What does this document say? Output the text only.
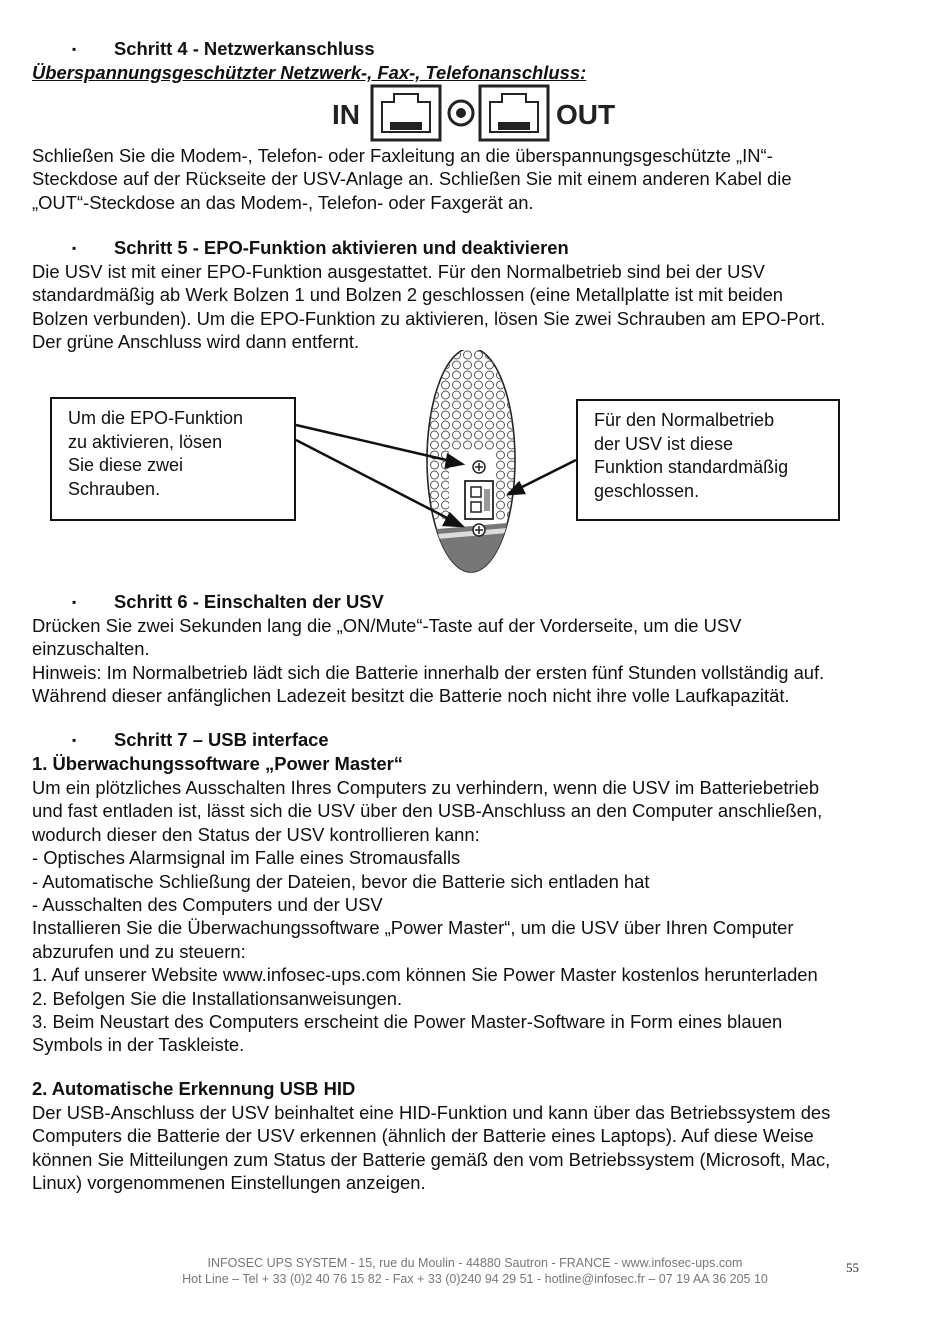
▪ Schritt 4 - Netzwerkanschluss
Überspannungsgeschützter Netzwerk-, Fax-, Telefonanschluss:
IN	OUT
Schließen Sie die Modem-, Telefon- oder Faxleitung an die überspannungsgeschützte „IN“-
Steckdose auf der Rückseite der USV-Anlage an. Schließen Sie mit einem anderen Kabel die
„OUT“-Steckdose an das Modem-, Telefon- oder Faxgerät an.
▪ Schritt 5 - EPO-Funktion aktivieren und deaktivieren
Die USV ist mit einer EPO-Funktion ausgestattet. Für den Normalbetrieb sind bei der USV
standardmäßig ab Werk Bolzen 1 und Bolzen 2 geschlossen (eine Metallplatte ist mit beiden
Bolzen verbunden). Um die EPO-Funktion zu aktivieren, lösen Sie zwei Schrauben am EPO-Port.
Der grüne Anschluss wird dann entfernt.
Um die EPO-Funktion
zu aktivieren, lösen
Sie diese zwei
Schrauben.
Für den Normalbetrieb
der USV ist diese
Funktion standardmäßig
geschlossen.
▪ Schritt 6 - Einschalten der USV
Drücken Sie zwei Sekunden lang die „ON/Mute“-Taste auf der Vorderseite, um die USV
einzuschalten.
Hinweis: Im Normalbetrieb lädt sich die Batterie innerhalb der ersten fünf Stunden vollständig auf.
Während dieser anfänglichen Ladezeit besitzt die Batterie noch nicht ihre volle Laufkapazität.
▪ Schritt 7 – USB interface
1. Überwachungssoftware „Power Master“
Um ein plötzliches Ausschalten Ihres Computers zu verhindern, wenn die USV im Batteriebetrieb
und fast entladen ist, lässt sich die USV über den USB-Anschluss an den Computer anschließen,
wodurch dieser den Status der USV kontrollieren kann:
- Optisches Alarmsignal im Falle eines Stromausfalls
- Automatische Schließung der Dateien, bevor die Batterie sich entladen hat
- Ausschalten des Computers und der USV
Installieren Sie die Überwachungssoftware „Power Master“, um die USV über Ihren Computer
abzurufen und zu steuern:
1. Auf unserer Website www.infosec-ups.com können Sie Power Master kostenlos herunterladen
2. Befolgen Sie die Installationsanweisungen.
3. Beim Neustart des Computers erscheint die Power Master-Software in Form eines blauen
Symbols in der Taskleiste.
2. Automatische Erkennung USB HID
Der USB-Anschluss der USV beinhaltet eine HID-Funktion und kann über das Betriebssystem des
Computers die Batterie der USV erkennen (ähnlich der Batterie eines Laptops). Auf diese Weise
können Sie Mitteilungen zum Status der Batterie gemäß den vom Betriebssystem (Microsoft, Mac,
Linux) vorgenommenen Einstellungen anzeigen.
INFOSEC UPS SYSTEM - 15, rue du Moulin - 44880 Sautron - FRANCE - www.infosec-ups.com
Hot Line – Tel + 33 (0)2 40 76 15 82 - Fax + 33 (0)240 94 29 51 - hotline@infosec.fr – 07 19 AA 36 205 10
55
